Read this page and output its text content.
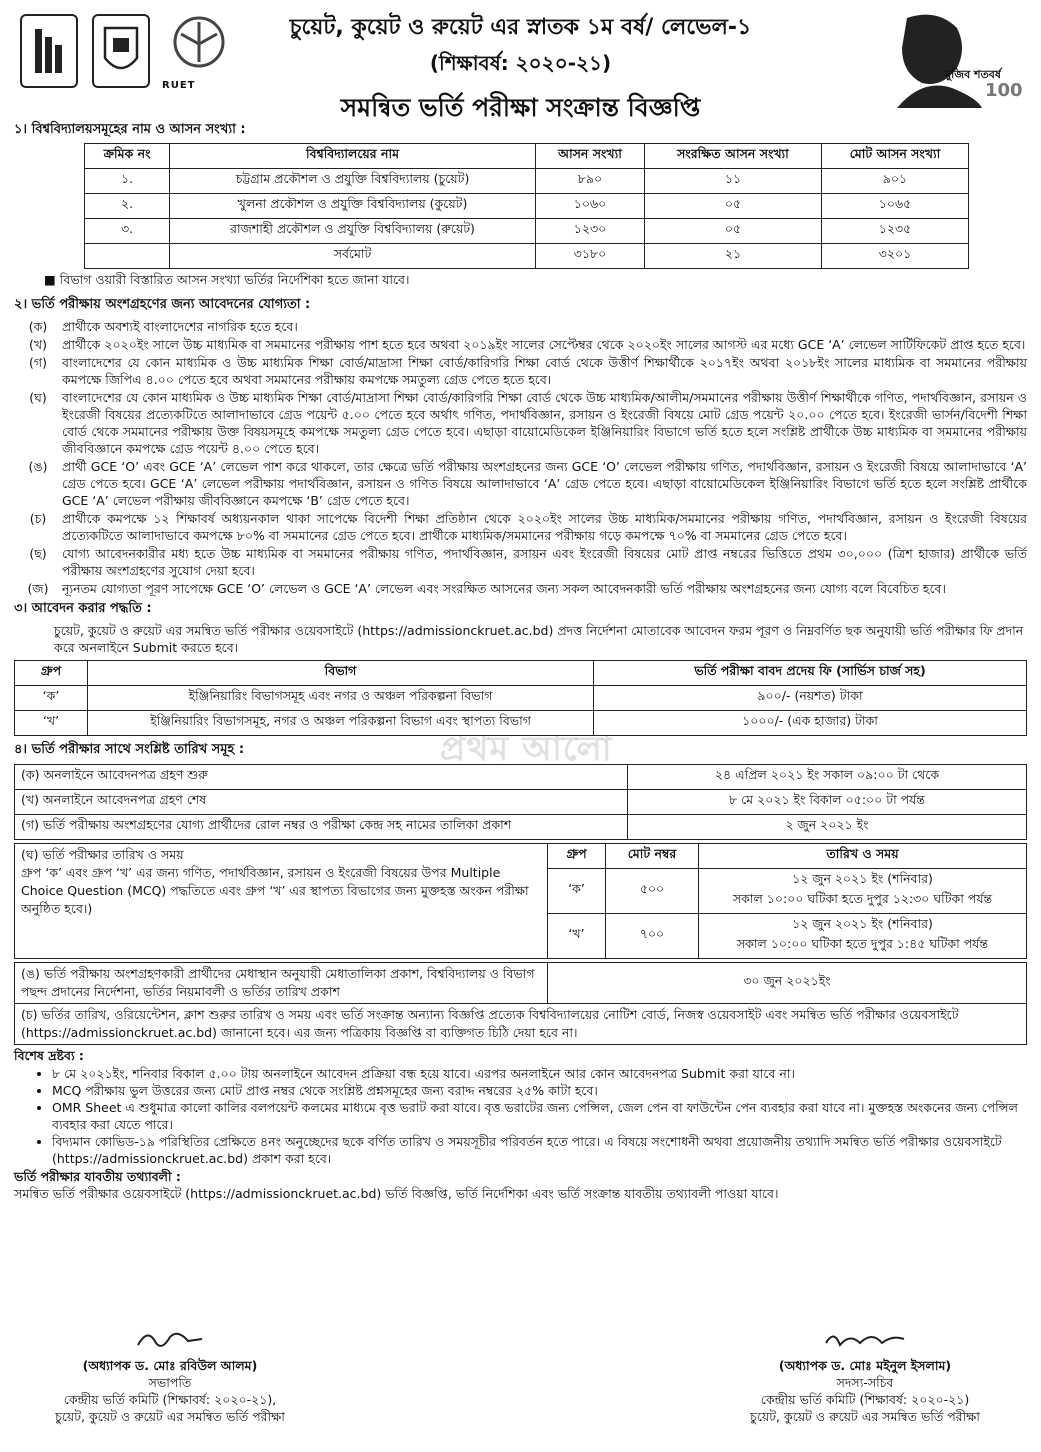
RUET
চুয়েট, কুয়েট ও রুয়েট এর স্নাতক ১ম বর্ষ/ লেভেল-১
(শিক্ষাবর্ষ: ২০২০-২১)
সমন্বিত ভর্তি পরীক্ষা সংক্রান্ত বিজ্ঞপ্তি
মুজিব শতবর্ষ
100
১। বিশ্ববিদ্যালয়সমূহের নাম ও আসন সংখ্যা :
ক্রমিক নং	বিশ্ববিদ্যালয়ের নাম	আসন সংখ্যা	সংরক্ষিত আসন সংখ্যা	মোট আসন সংখ্যা
১.	চট্টগ্রাম প্রকৌশল ও প্রযুক্তি বিশ্ববিদ্যালয় (চুয়েট)	৮৯০	১১	৯০১
২.	খুলনা প্রকৌশল ও প্রযুক্তি বিশ্ববিদ্যালয় (কুয়েট)	১০৬০	০৫	১০৬৫
৩.	রাজশাহী প্রকৌশল ও প্রযুক্তি বিশ্ববিদ্যালয় (রুয়েট)	১২৩০	০৫	১২৩৫
	সর্বমোট	৩১৮০	২১	৩২০১
■ বিভাগ ওয়ারী বিস্তারিত আসন সংখ্যা ভর্তির নির্দেশিকা হতে জানা যাবে।
২। ভর্তি পরীক্ষায় অংশগ্রহণের জন্য আবেদনের যোগ্যতা :
(ক)	প্রার্থীকে অবশ্যই বাংলাদেশের নাগরিক হতে হবে।
(খ)	প্রার্থীকে ২০২০ইং সালে উচ্চ মাধ্যমিক বা সমমানের পরীক্ষায় পাশ হতে হবে অথবা ২০১৯ইং সালের সেপ্টেম্বর থেকে ২০২০ইং সালের আগস্ট এর মধ্যে GCE ‘A’ লেভেল সার্টিফিকেট প্রাপ্ত হতে হবে।
(গ)	বাংলাদেশের যে কোন মাধ্যমিক ও উচ্চ মাধ্যমিক শিক্ষা বোর্ড/মাদ্রাসা শিক্ষা বোর্ড/কারিগরি শিক্ষা বোর্ড থেকে উত্তীর্ণ শিক্ষার্থীকে ২০১৭ইং অথবা ২০১৮ইং সালের মাধ্যমিক বা সমমানের পরীক্ষায় কমপক্ষে জিপিএ ৪.০০ পেতে হবে অথবা সমমানের পরীক্ষায় কমপক্ষে সমতুল্য গ্রেড পেতে হতে হবে।
(ঘ)	বাংলাদেশের যে কোন মাধ্যমিক ও উচ্চ মাধ্যমিক শিক্ষা বোর্ড/মাদ্রাসা শিক্ষা বোর্ড/কারিগরি শিক্ষা বোর্ড থেকে উচ্চ মাধ্যমিক/আলীম/সমমানের পরীক্ষায় উত্তীর্ণ শিক্ষার্থীকে গণিত, পদার্থবিজ্ঞান, রসায়ন ও ইংরেজী বিষয়ের প্রত্যেকটিতে আলাদাভাবে গ্রেড পয়েন্ট ৫.০০ পেতে হবে অর্থাৎ গণিত, পদার্থবিজ্ঞান, রসায়ন ও ইংরেজী বিষয়ে মোট গ্রেড পয়েন্ট ২০.০০ পেতে হবে। ইংরেজী ভার্সন/বিদেশী শিক্ষা বোর্ড থেকে সমমানের পরীক্ষায় উক্ত বিষয়সমূহে কমপক্ষে সমতুল্য গ্রেড পেতে হবে। এছাড়া বায়োমেডিকেল ইঞ্জিনিয়ারিং বিভাগে ভর্তি হতে হলে সংশ্লিষ্ট প্রার্থীকে উচ্চ মাধ্যমিক বা সমমানের পরীক্ষায় জীববিজ্ঞানে কমপক্ষে গ্রেড পয়েন্ট ৪.০০ পেতে হবে।
(ঙ)	প্রার্থী GCE ‘O’ এবং GCE ‘A’ লেভেল পাশ করে থাকলে, তার ক্ষেত্রে ভর্তি পরীক্ষায় অংশগ্রহনের জন্য GCE ‘O’ লেভেল পরীক্ষায় গণিত, পদার্থবিজ্ঞান, রসায়ন ও ইংরেজী বিষয়ে আলাদাভাবে ‘A’ গ্রেড পেতে হবে। GCE ‘A’ লেভেল পরীক্ষায় পদার্থবিজ্ঞান, রসায়ন ও গণিত বিষয়ে আলাদাভাবে ‘A’ গ্রেড পেতে হবে। এছাড়া বায়োমেডিকেল ইঞ্জিনিয়ারিং বিভাগে ভর্তি হতে হলে সংশ্লিষ্ট প্রার্থীকে GCE ‘A’ লেভেল পরীক্ষায় জীববিজ্ঞানে কমপক্ষে ‘B’ গ্রেড পেতে হবে।
(চ)	প্রার্থীকে কমপক্ষে ১২ শিক্ষাবর্ষ অধ্যয়নকাল থাকা সাপেক্ষে বিদেশী শিক্ষা প্রতিষ্ঠান থেকে ২০২০ইং সালের উচ্চ মাধ্যমিক/সমমানের পরীক্ষায় গণিত, পদার্থবিজ্ঞান, রসায়ন ও ইংরেজী বিষয়ের প্রত্যেকটিতে আলাদাভাবে কমপক্ষে ৮০% বা সমমানের গ্রেড পেতে হবে। প্রার্থীকে মাধ্যমিক/সমমানের পরীক্ষায় গড়ে কমপক্ষে ৭০% বা সমমানের গ্রেড পেতে হবে।
(ছ)	যোগ্য আবেদনকারীর মধ্য হতে উচ্চ মাধ্যমিক বা সমমানের পরীক্ষায় গণিত, পদার্থবিজ্ঞান, রসায়ন এবং ইংরেজী বিষয়ের মোট প্রাপ্ত নম্বরের ভিত্তিতে প্রথম ৩০,০০০ (ত্রিশ হাজার) প্রার্থীকে ভর্তি পরীক্ষায় অংশগ্রহণের সুযোগ দেয়া হবে।
(জ)	ন্যূনতম যোগ্যতা পূরণ সাপেক্ষে GCE ‘O’ লেভেল ও GCE ‘A’ লেভেল এবং সংরক্ষিত আসনের জন্য সকল আবেদনকারী ভর্তি পরীক্ষায় অংশগ্রহনের জন্য যোগ্য বলে বিবেচিত হবে।
৩। আবেদন করার পদ্ধতি :
চুয়েট, কুয়েট ও রুয়েট এর সমন্বিত ভর্তি পরীক্ষার ওয়েবসাইটে (https://admissionckruet.ac.bd) প্রদত্ত নির্দেশনা মোতাবেক আবেদন ফরম পূরণ ও নিম্নবর্ণিত ছক অনুযায়ী ভর্তি পরীক্ষার ফি প্রদান করে অনলাইনে Submit করতে হবে।
প্রথম আলো
গ্রুপ	বিভাগ	ভর্তি পরীক্ষা বাবদ প্রদেয় ফি (সার্ভিস চার্জ সহ)
‘ক’	ইঞ্জিনিয়ারিং বিভাগসমূহ এবং নগর ও অঞ্চল পরিকল্পনা বিভাগ	৯০০/- (নয়শত) টাকা
‘খ’	ইঞ্জিনিয়ারিং বিভাগসমূহ, নগর ও অঞ্চল পরিকল্পনা বিভাগ এবং স্থাপত্য বিভাগ	১০০০/- (এক হাজার) টাকা
৪। ভর্তি পরীক্ষার সাথে সংশ্লিষ্ট তারিখ সমূহ :
(ক) অনলাইনে আবেদনপত্র গ্রহণ শুরু	২৪ এপ্রিল ২০২১ ইং সকাল ০৯:০০ টা থেকে
(খ) অনলাইনে আবেদনপত্র গ্রহণ শেষ	৮ মে ২০২১ ইং বিকাল ০৫:০০ টা পর্যন্ত
(গ) ভর্তি পরীক্ষায় অংশগ্রহণের যোগ্য প্রার্থীদের রোল নম্বর ও পরীক্ষা কেন্দ্র সহ নামের তালিকা প্রকাশ	২ জুন ২০২১ ইং
(ঘ) ভর্তি পরীক্ষার তারিখ ও সময়
গ্রুপ ‘ক’ এবং গ্রুপ ‘খ’ এর জন্য গণিত, পদার্থবিজ্ঞান, রসায়ন ও ইংরেজী বিষয়ের উপর Multiple Choice Question (MCQ) পদ্ধতিতে এবং গ্রুপ ‘খ’ এর স্থাপত্য বিভাগের জন্য মুক্তহস্ত অংকন পরীক্ষা অনুষ্ঠিত হবে।)	গ্রুপ	মোট নম্বর	তারিখ ও সময়
	‘ক’	৫০০	১২ জুন ২০২১ ইং (শনিবার)
সকাল ১০:০০ ঘটিকা হতে দুপুর ১২:৩০ ঘটিকা পর্যন্ত

	‘খ’	৭০০	১২ জুন ২০২১ ইং (শনিবার)
সকাল ১০:০০ ঘটিকা হতে দুপুর ১:৪৫ ঘটিকা পর্যন্ত
(ঙ) ভর্তি পরীক্ষায় অংশগ্রহণকারী প্রার্থীদের মেধাস্থান অনুযায়ী মেধাতালিকা প্রকাশ, বিশ্ববিদ্যালয় ও বিভাগ পছন্দ প্রদানের নির্দেশনা, ভর্তির নিয়মাবলী ও ভর্তির তারিখ প্রকাশ	৩০ জুন ২০২১ইং
(চ) ভর্তির তারিখ, ওরিয়েন্টেশন, ক্লাশ শুরুর তারিখ ও সময় এবং ভর্তি সংক্রান্ত অন্যান্য বিজ্ঞপ্তি প্রত্যেক বিশ্ববিদ্যালয়ের নোটিশ বোর্ড, নিজস্ব ওয়েবসাইট এবং সমন্বিত ভর্তি পরীক্ষার ওয়েবসাইটে (https://admissionckruet.ac.bd) জানানো হবে। এর জন্য পত্রিকায় বিজ্ঞপ্তি বা ব্যক্তিগত চিঠি দেয়া হবে না।
বিশেষ দ্রষ্টব্য :
• ৮ মে ২০২১ইং, শনিবার বিকাল ৫.০০ টায় অনলাইনে আবেদন প্রক্রিয়া বন্ধ হয়ে যাবে। এরপর অনলাইনে আর কোন আবেদনপত্র Submit করা যাবে না।
• MCQ পরীক্ষায় ভুল উত্তরের জন্য মোট প্রাপ্ত নম্বর থেকে সংশ্লিষ্ট প্রশ্নসমূহের জন্য বরাদ্দ নম্বরের ২৫% কাটা হবে।
• OMR Sheet এ শুধুমাত্র কালো কালির বলপয়েন্ট কলমের মাধ্যমে বৃত্ত ভরাট করা যাবে। বৃত্ত ভরাটের জন্য পেন্সিল, জেল পেন বা ফাউন্টেন পেন ব্যবহার করা যাবে না। মুক্তহস্ত অংকনের জন্য পেন্সিল ব্যবহার করা যেতে পারে।
• বিদ্যমান কোভিড-১৯ পরিস্থিতির প্রেক্ষিতে ৪নং অনুচ্ছেদের ছকে বর্ণিত তারিখ ও সময়সূচীর পরিবর্তন হতে পারে। এ বিষয়ে সংশোধনী অথবা প্রয়োজনীয় তথ্যাদি সমন্বিত ভর্তি পরীক্ষার ওয়েবসাইটে (https://admissionckruet.ac.bd) প্রকাশ করা হবে।
ভর্তি পরীক্ষার যাবতীয় তথ্যাবলী :
সমন্বিত ভর্তি পরীক্ষার ওয়েবসাইটে (https://admissionckruet.ac.bd) ভর্তি বিজ্ঞপ্তি, ভর্তি নির্দেশিকা এবং ভর্তি সংক্রান্ত যাবতীয় তথ্যাবলী পাওয়া যাবে।
(অধ্যাপক ড. মোঃ রবিউল আলম)
সভাপতি
কেন্দ্রীয় ভর্তি কমিটি (শিক্ষাবর্ষ: ২০২০-২১),
চুয়েট, কুয়েট ও রুয়েট এর সমন্বিত ভর্তি পরীক্ষা
(অধ্যাপক ড. মোঃ মইনুল ইসলাম)
সদস্য-সচিব
কেন্দ্রীয় ভর্তি কমিটি (শিক্ষাবর্ষ: ২০২০-২১)
চুয়েট, কুয়েট ও রুয়েট এর সমন্বিত ভর্তি পরীক্ষা
